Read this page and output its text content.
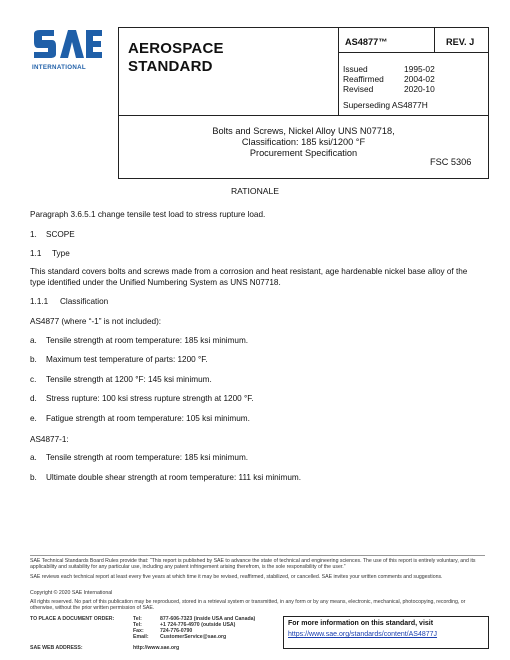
INTERNATIONAL
AEROSPACE
STANDARD
AS4877™	REV. J
Issued	1995-02
Reaffirmed 2004-02
Revised	2020-10
Superseding AS4877H
Bolts and Screws, Nickel Alloy UNS N07718,
Classification: 185 ksi/1200 °F
Procurement Specification
FSC 5306
RATIONALE
Paragraph 3.6.5.1 change tensile test load to stress rupture load.
1. SCOPE
1.1 Type
This standard covers bolts and screws made from a corrosion and heat resistant, age hardenable nickel base alloy of the type identified under the Unified Numbering System as UNS N07718.
1.1.1 Classification
AS4877 (where “-1” is not included):
a. Tensile strength at room temperature: 185 ksi minimum.
b. Maximum test temperature of parts: 1200 °F.
c. Tensile strength at 1200 °F: 145 ksi minimum.
d. Stress rupture: 100 ksi stress rupture strength at 1200 °F.
e. Fatigue strength at room temperature: 105 ksi minimum.
AS4877-1:
a. Tensile strength at room temperature: 185 ksi minimum.
b. Ultimate double shear strength at room temperature: 111 ksi minimum.
SAE Technical Standards Board Rules provide that: “This report is published by SAE to advance the state of technical and engineering sciences. The use of this report is entirely voluntary, and its applicability and suitability for any particular use, including any patent infringement arising therefrom, is the sole responsibility of the user.”
SAE reviews each technical report at least every five years at which time it may be revised, reaffirmed, stabilized, or cancelled. SAE invites your written comments and suggestions.
Copyright © 2020 SAE International
All rights reserved. No part of this publication may be reproduced, stored in a retrieval system or transmitted, in any form or by any means, electronic, mechanical, photocopying, recording, or otherwise, without the prior written permission of SAE.
TO PLACE A DOCUMENT ORDER:	Tel:	877-606-7323 (inside USA and Canada)
Tel:	+1 724-776-4970 (outside USA)
Fax:	724-776-0790
Email:	CustomerService@sae.org
SAE WEB ADDRESS:	http://www.sae.org
For more information on this standard, visit
https://www.sae.org/standards/content/AS4877J
